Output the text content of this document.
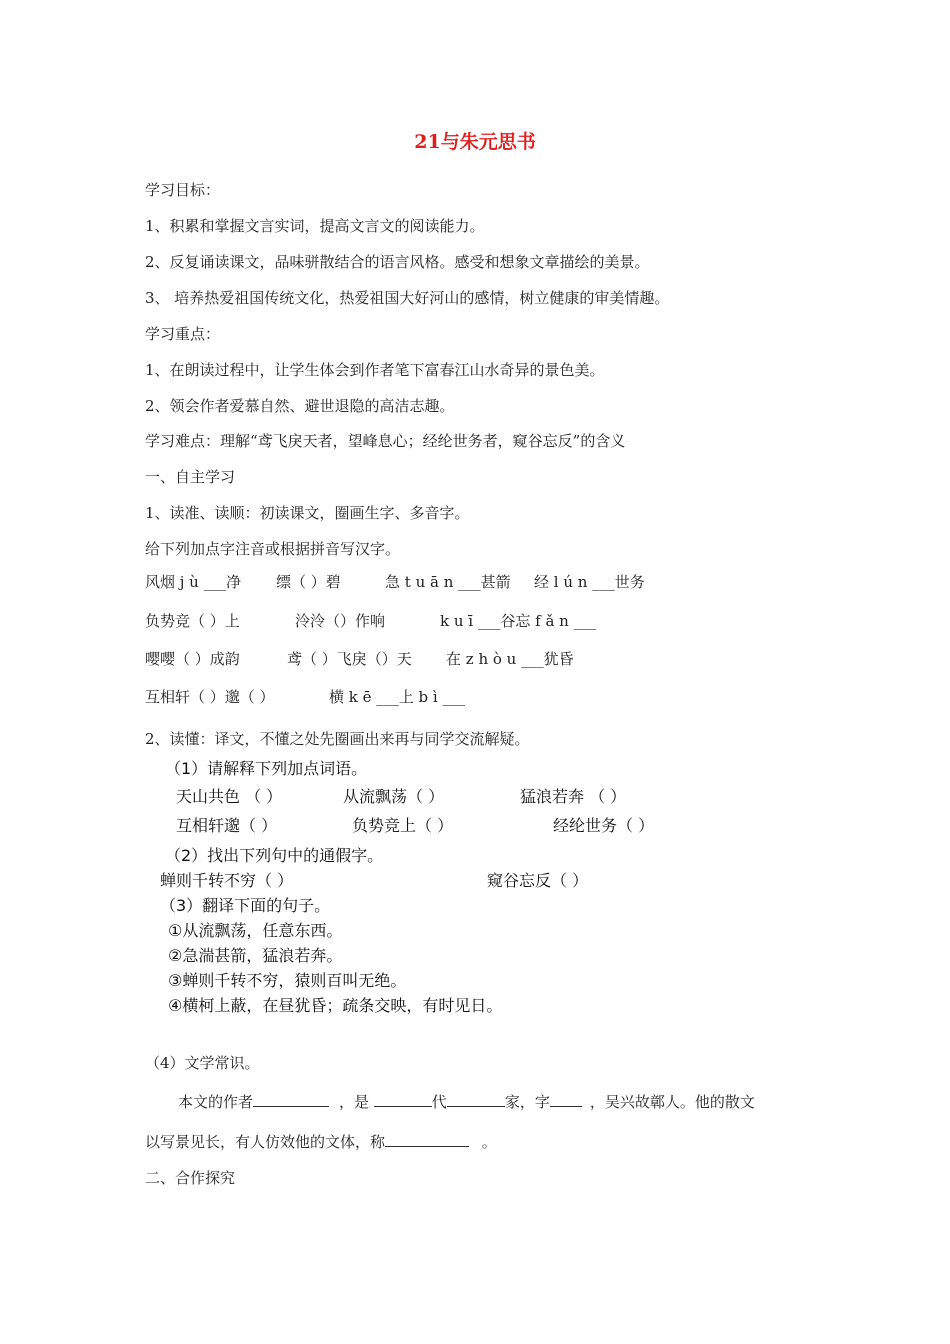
21与朱元思书
学习目标：
1、积累和掌握文言实词，提高文言文的阅读能力。
2、反复诵读课文，品味骈散结合的语言风格。感受和想象文章描绘的美景。
3、 培养热爱祖国传统文化，热爱祖国大好河山的感情，树立健康的审美情趣。
学习重点：
1、在朗读过程中，让学生体会到作者笔下富春江山水奇异的景色美。
2、领会作者爱慕自然、避世退隐的高洁志趣。
学习难点：理解“鸢飞戾天者，望峰息心；经纶世务者，窥谷忘反”的含义
一、自主学习
1、读准、读顺：初读课文，圈画生字、多音字。
给下列加点字注音或根据拼音写汉字。
风烟 j ù ___净 缥（ ）碧	急 t u ā n ___甚箭 经 l ú n ___世务
负势竞（ ）上	泠泠（）作响	k u ī ___谷忘 f ǎ n ___
嘤嘤（ ）成韵	鸢（ ）飞戾（）天 在 z h ò u ___犹昏
互相轩（ ）邈（ ）	横 k ē ___上 b ì ___
2、读懂：译文，不懂之处先圈画出来再与同学交流解疑。
（1）请解释下列加点词语。
天山共色 （ ）	从流飘荡（ ）	猛浪若奔 （ ）
互相轩邈（ ）	负势竞上（ ）	经纶世务（ ）
（2）找出下列句中的通假字。
蝉则千转不穷（ ）	窥谷忘反（ ）
（3）翻译下面的句子。
①从流飘荡，任意东西。
②急湍甚箭，猛浪若奔。
③蝉则千转不穷，猿则百叫无绝。
④横柯上蔽，在昼犹昏；疏条交映，有时见日。
（4）文学常识。
本文的作者	，是	代	家，字	，吴兴故鄣人。他的散文
以写景见长，有人仿效他的文体，称	。
二、合作探究
